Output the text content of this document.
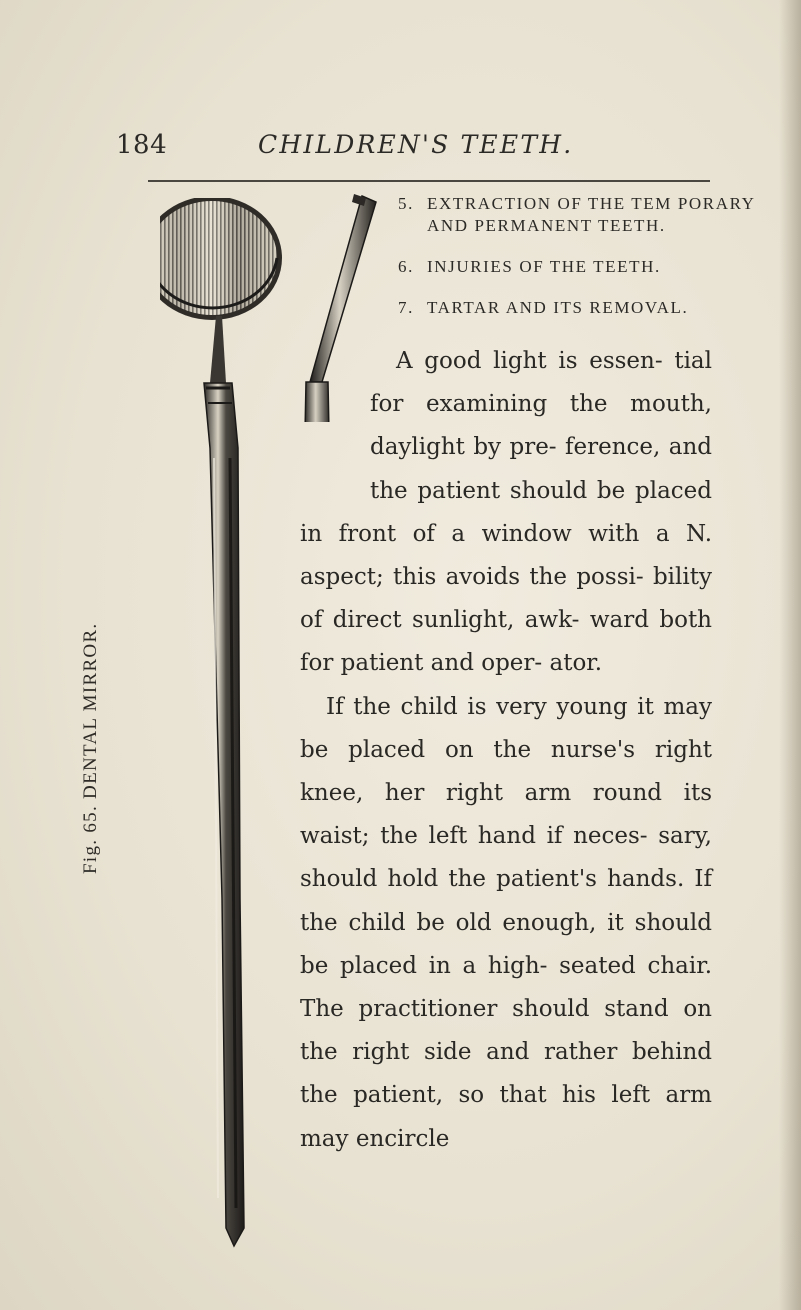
184	CHILDREN'S TEETH.
Fig. 65. DENTAL MIRROR.
5. EXTRACTION OF THE TEM PORARY AND PERMANENT TEETH.
6. INJURIES OF THE TEETH.
7. TARTAR AND ITS REMOVAL.

A good light is essen- tial for examining the mouth, daylight by pre- ference, and the patient should be placed in front of a window with a N. aspect; this avoids the possi- bility of direct sunlight, awk- ward both for patient and oper- ator.

If the child is very young it may be placed on the nurse's right knee, her right arm round its waist; the left hand if neces- sary, should hold the patient's hands. If the child be old enough, it should be placed in a high- seated chair. The practitioner should stand on the right side and rather behind the patient, so that his left arm may encircle
